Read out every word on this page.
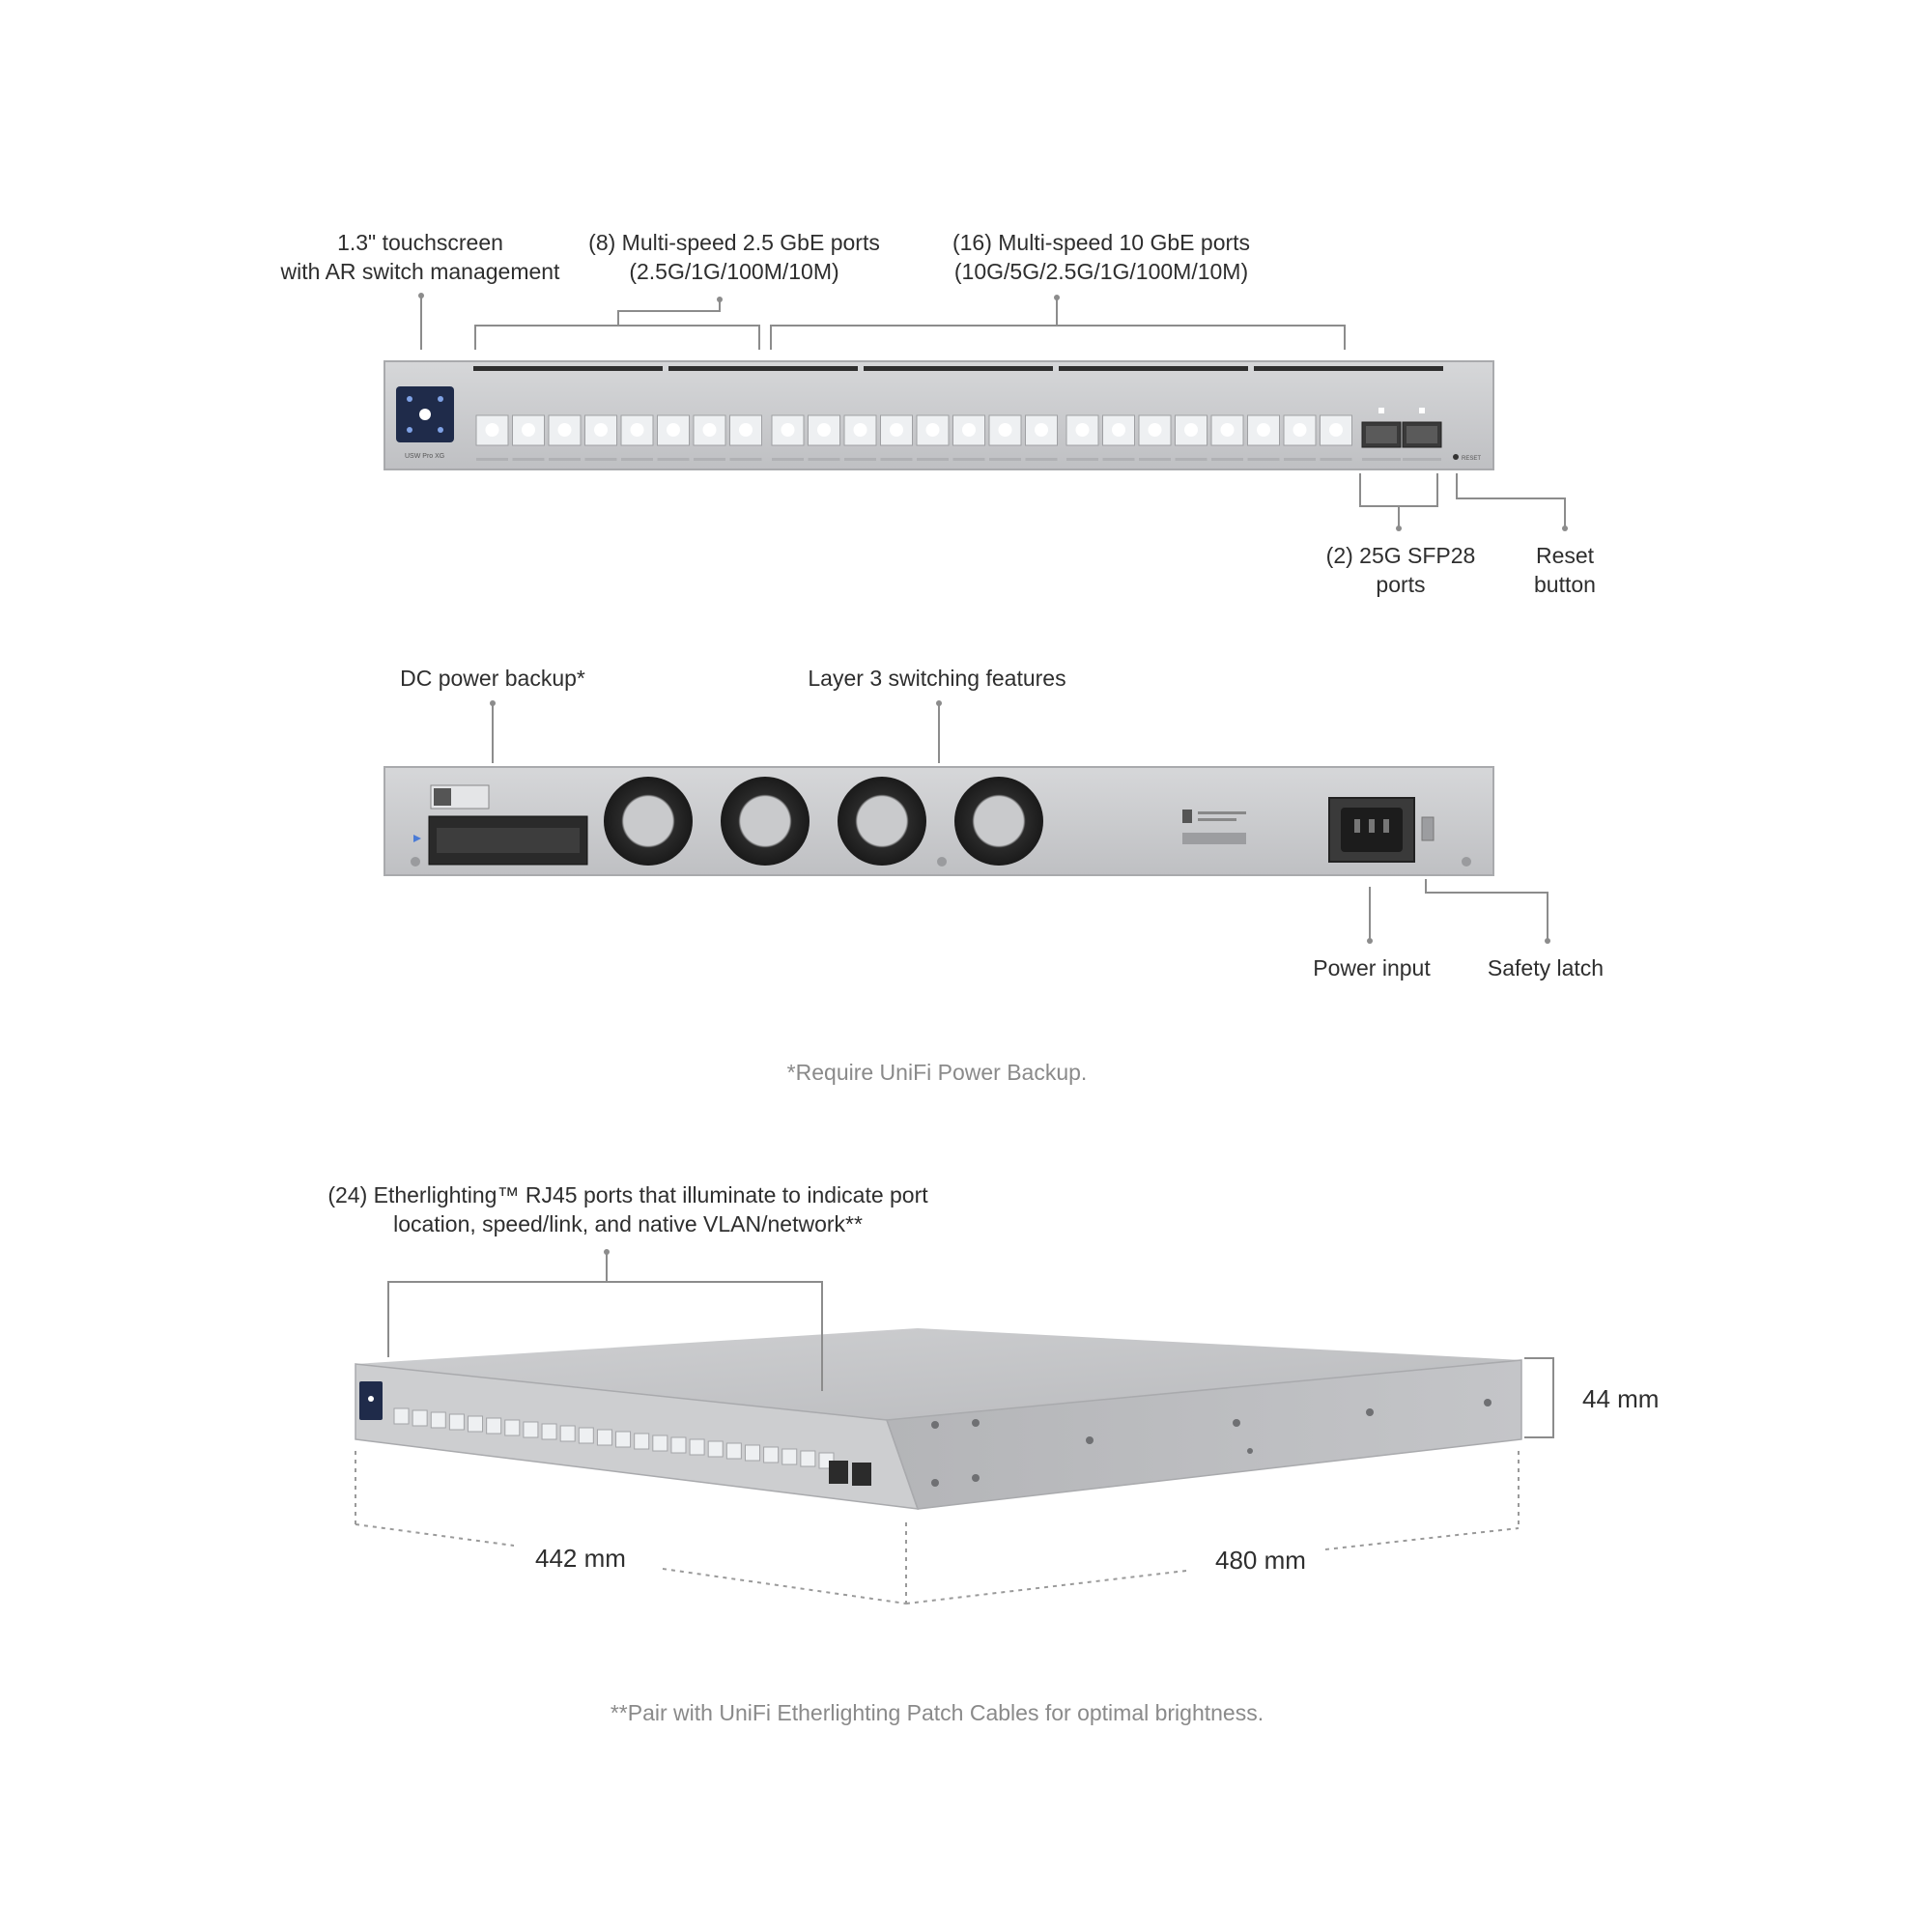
1.3" touchscreen
with AR switch management
(8) Multi-speed 2.5 GbE ports
(2.5G/1G/100M/10M)
(16) Multi-speed 10 GbE ports
(10G/5G/2.5G/1G/100M/10M)
(2) 25G SFP28
ports
Reset
button
DC power backup*	Layer 3 switching features
Power input	Safety latch
*Require UniFi Power Backup.
(24) Etherlighting™ RJ45 ports that illuminate to indicate port
location, speed/link, and native VLAN/network**
44 mm
442 mm	480 mm
**Pair with UniFi Etherlighting Patch Cables for optimal brightness.
USW Pro XG	RESET
